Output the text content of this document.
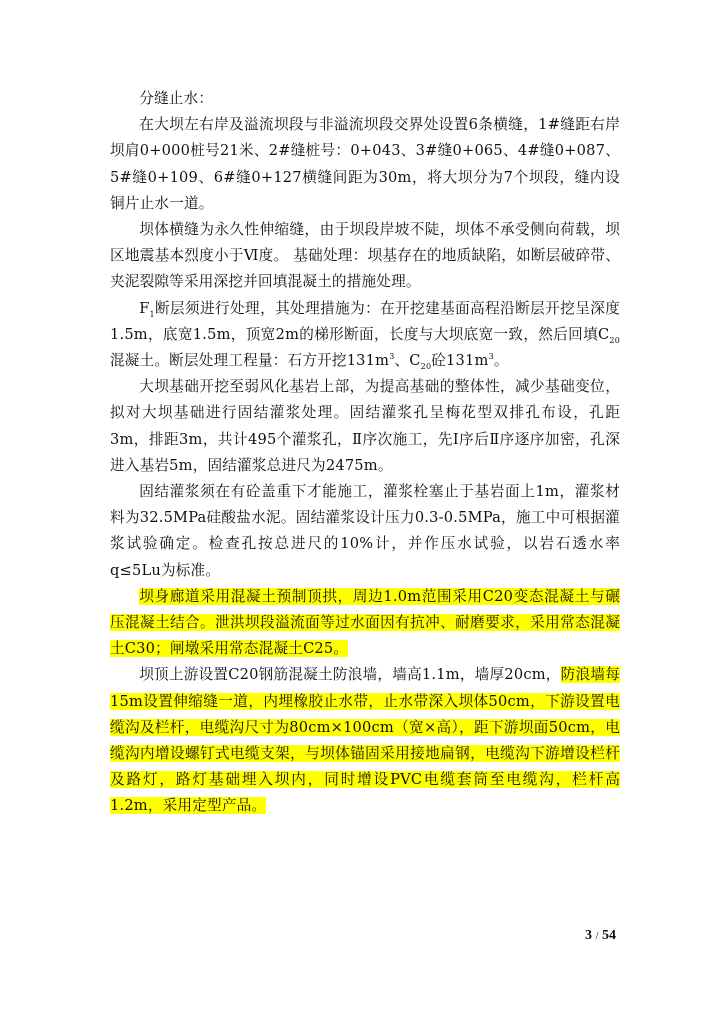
分缝止水：

在大坝左右岸及溢流坝段与非溢流坝段交界处设置6条横缝，1#缝距右岸坝肩0+000桩号21米、2#缝桩号：0+043、3#缝0+065、4#缝0+087、5#缝0+109、6#缝0+127横缝间距为30m，将大坝分为7个坝段，缝内设铜片止水一道。

坝体横缝为永久性伸缩缝，由于坝段岸坡不陡，坝体不承受侧向荷载，坝区地震基本烈度小于Ⅵ度。 基础处理：坝基存在的地质缺陷，如断层破碎带、夹泥裂隙等采用深挖并回填混凝土的措施处理。

$F_1$断层须进行处理，其处理措施为：在开挖建基面高程沿断层开挖呈深度1.5m，底宽1.5m，顶宽2m的梯形断面，长度与大坝底宽一致，然后回填$C_{20}$混凝土。断层处理工程量：石方开挖$131m^3$、$C_{20}$砼$131m^3$。

大坝基础开挖至弱风化基岩上部，为提高基础的整体性，减少基础变位，拟对大坝基础进行固结灌浆处理。固结灌浆孔呈梅花型双排孔布设，孔距3m，排距3m，共计495个灌浆孔，Ⅱ序次施工，先Ⅰ序后Ⅱ序逐序加密，孔深进入基岩5m，固结灌浆总进尺为2475m。

固结灌浆须在有砼盖重下才能施工，灌浆栓塞止于基岩面上1m，灌浆材料为32.5MPa硅酸盐水泥。固结灌浆设计压力0.3-0.5MPa，施工中可根据灌浆试验确定。检查孔按总进尺的10%计，并作压水试验，以岩石透水率q≤5Lu为标准。

坝身廊道采用混凝土预制顶拱，周边1.0m范围采用C20变态混凝土与碾压混凝土结合。泄洪坝段溢流面等过水面因有抗冲、耐磨要求，采用常态混凝土C30；闸墩采用常态混凝土C25。

坝顶上游设置C20钢筋混凝土防浪墙，墙高1.1m，墙厚20cm，防浪墙每15m设置伸缩缝一道，内埋橡胶止水带，止水带深入坝体50cm，下游设置电缆沟及栏杆，电缆沟尺寸为80cm×100cm（宽×高），距下游坝面50cm，电缆沟内增设螺钉式电缆支架，与坝体锚固采用接地扁钢，电缆沟下游增设栏杆及路灯，路灯基础埋入坝内，同时增设PVC电缆套筒至电缆沟，栏杆高1.2m，采用定型产品。

3 / 54
